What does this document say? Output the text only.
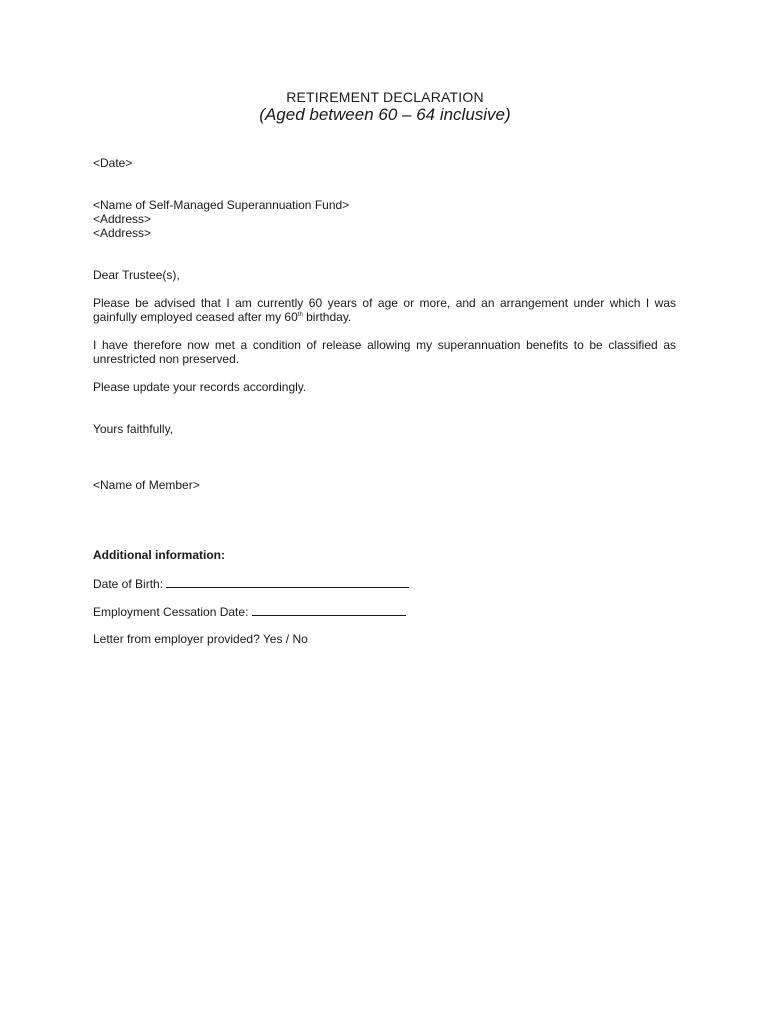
RETIREMENT DECLARATION
(Aged between 60 – 64 inclusive)
<Date>
<Name of Self-Managed Superannuation Fund>
<Address>
<Address>
Dear Trustee(s),
Please be advised that I am currently 60 years of age or more, and an arrangement under which I was gainfully employed ceased after my 60th birthday.
I have therefore now met a condition of release allowing my superannuation benefits to be classified as unrestricted non preserved.
Please update your records accordingly.
Yours faithfully,
<Name of Member>
Additional information:
Date of Birth:
Employment Cessation Date:
Letter from employer provided? Yes / No
